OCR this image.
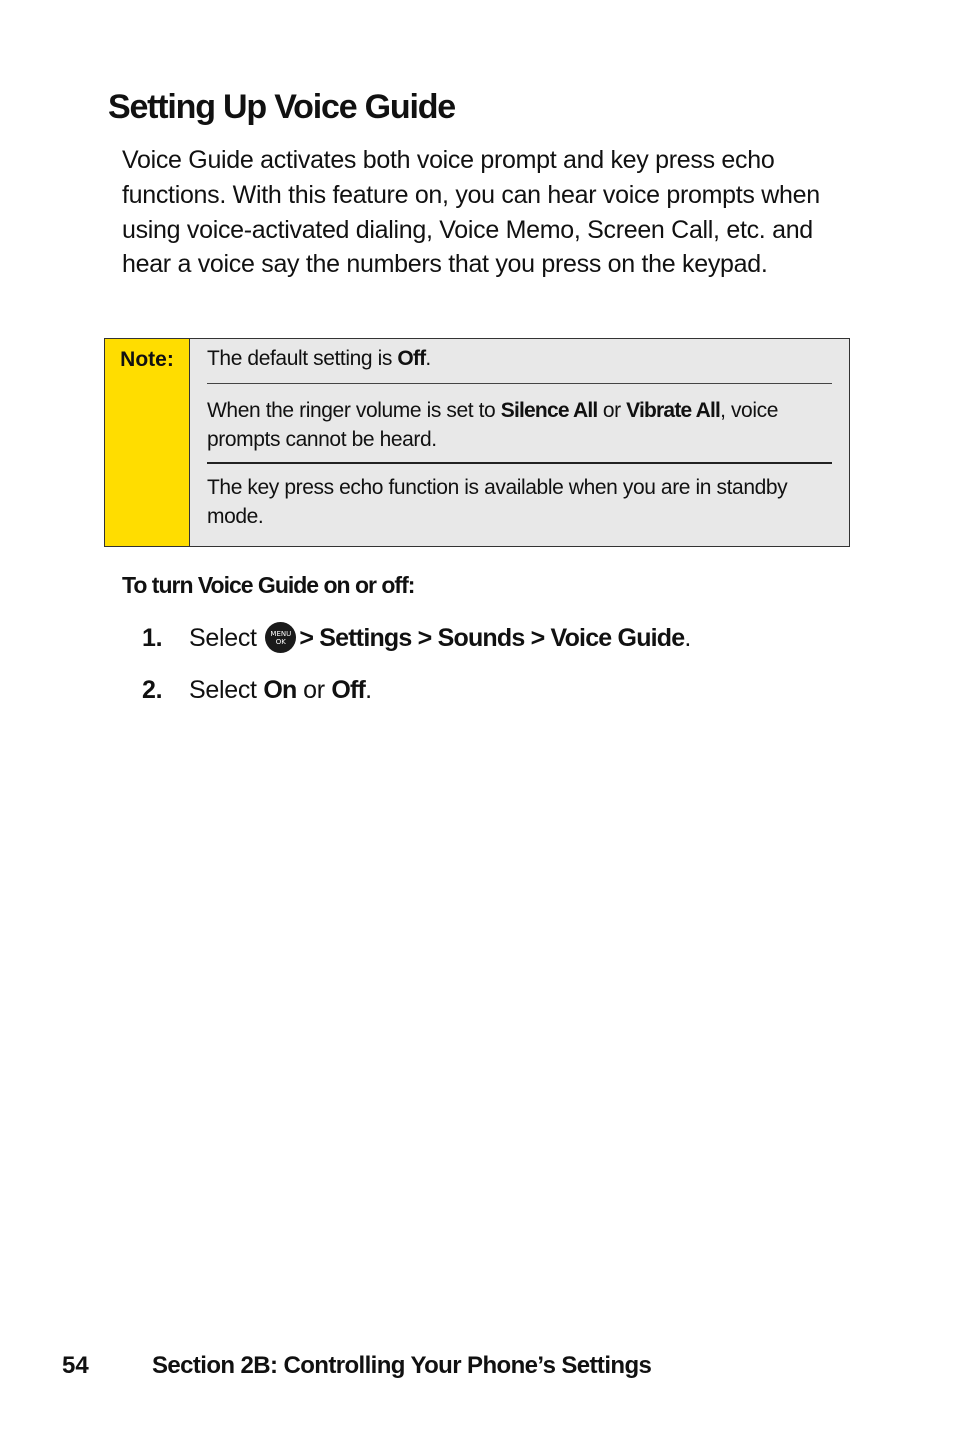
Setting Up Voice Guide

Voice Guide activates both voice prompt and key press echo functions. With this feature on, you can hear voice prompts when using voice-activated dialing, Voice Memo, Screen Call, etc. and hear a voice say the numbers that you press on the keypad.

Note:	The default setting is Off.
When the ringer volume is set to Silence All or Vibrate All, voice prompts cannot be heard.
The key press echo function is available when you are in standby mode.
To turn Voice Guide on or off:
1. Select	MENU
OK > Settings > Sounds > Voice Guide.
2. Select On or Off.
54	Section 2B: Controlling Your Phone’s Settings
